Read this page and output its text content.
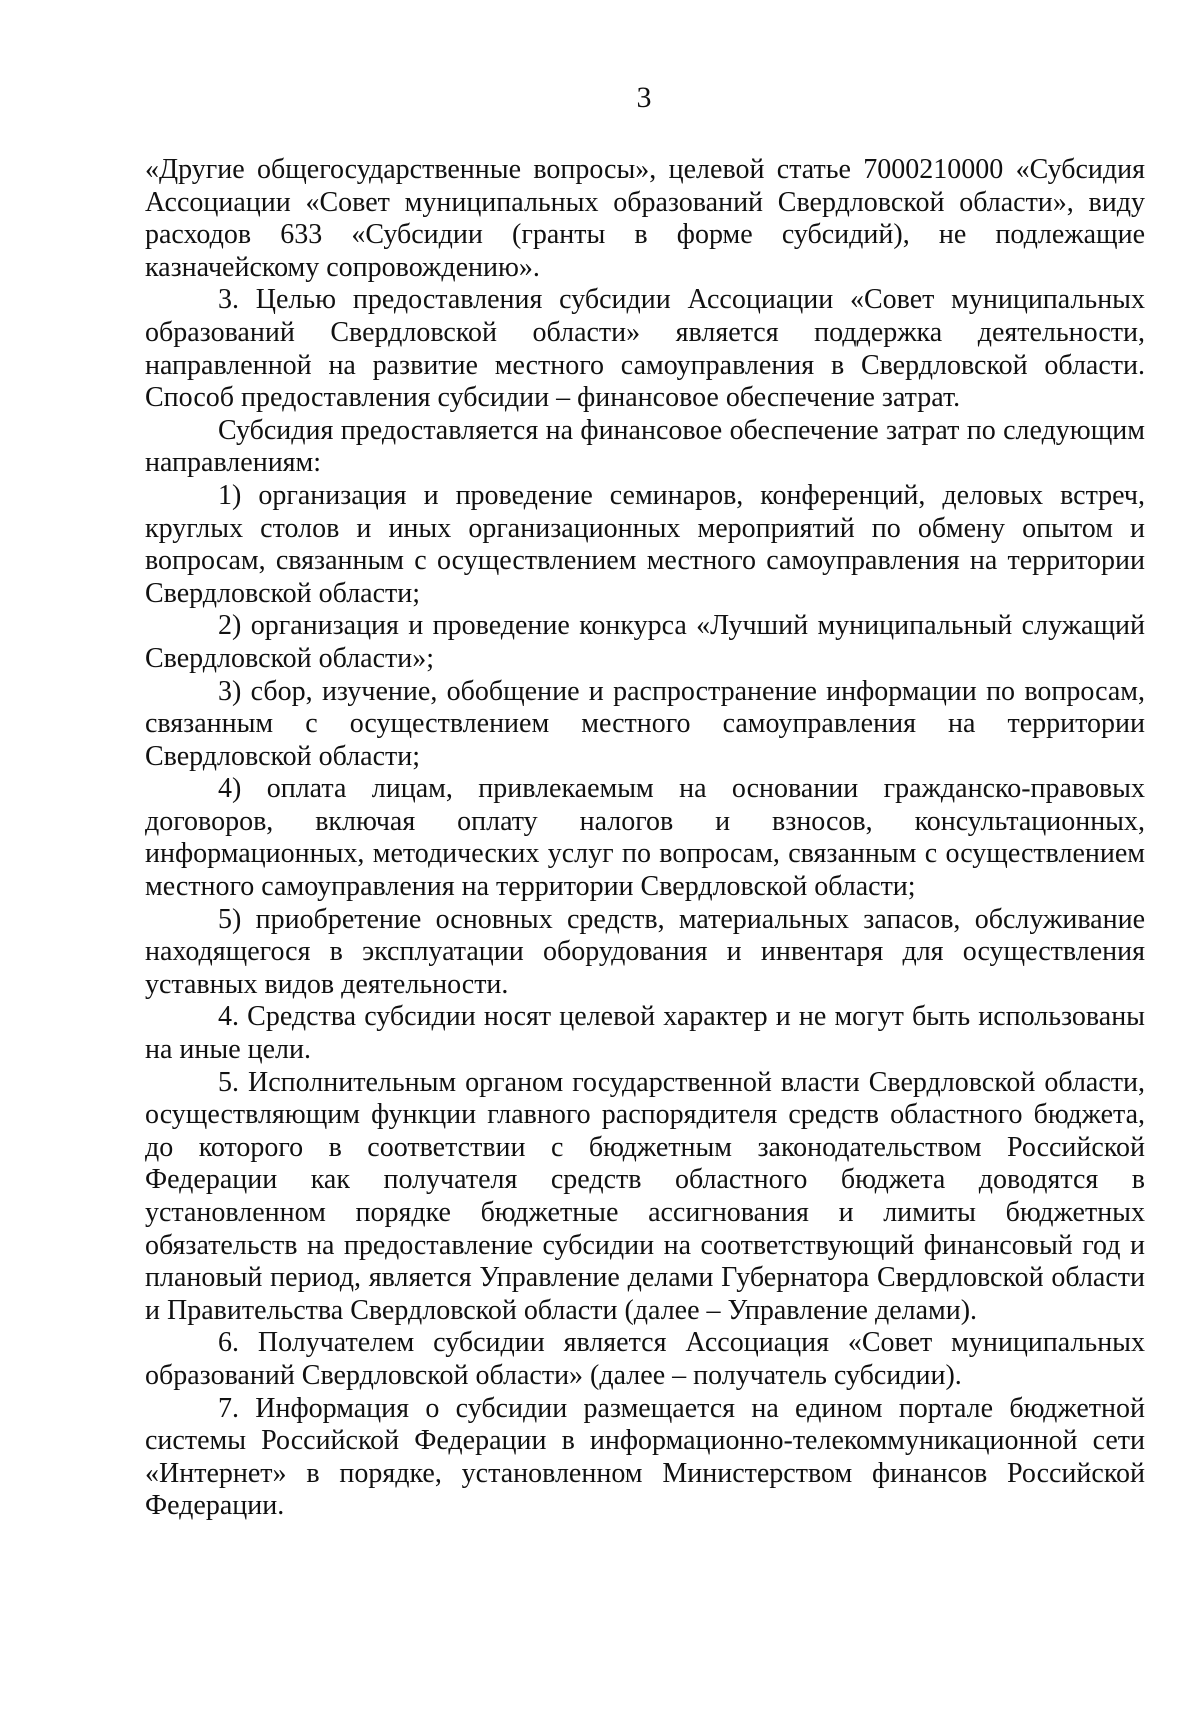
3

«Другие общегосударственные вопросы», целевой статье 7000210000 «Субсидия Ассоциации «Совет муниципальных образований Свердловской области», виду расходов 633 «Субсидии (гранты в форме субсидий), не подлежащие казначейскому сопровождению».

3. Целью предоставления субсидии Ассоциации «Совет муниципальных образований Свердловской области» является поддержка деятельности, направленной на развитие местного самоуправления в Свердловской области. Способ предоставления субсидии – финансовое обеспечение затрат.

Субсидия предоставляется на финансовое обеспечение затрат по следующим направлениям:

1) организация и проведение семинаров, конференций, деловых встреч, круглых столов и иных организационных мероприятий по обмену опытом и вопросам, связанным с осуществлением местного самоуправления на территории Свердловской области;

2) организация и проведение конкурса «Лучший муниципальный служащий Свердловской области»;

3) сбор, изучение, обобщение и распространение информации по вопросам, связанным с осуществлением местного самоуправления на территории Свердловской области;

4) оплата лицам, привлекаемым на основании гражданско-правовых договоров, включая оплату налогов и взносов, консультационных, информационных, методических услуг по вопросам, связанным с осуществлением местного самоуправления на территории Свердловской области;

5) приобретение основных средств, материальных запасов, обслуживание находящегося в эксплуатации оборудования и инвентаря для осуществления уставных видов деятельности.

4. Средства субсидии носят целевой характер и не могут быть использованы на иные цели.

5. Исполнительным органом государственной власти Свердловской области, осуществляющим функции главного распорядителя средств областного бюджета, до которого в соответствии с бюджетным законодательством Российской Федерации как получателя средств областного бюджета доводятся в установленном порядке бюджетные ассигнования и лимиты бюджетных обязательств на предоставление субсидии на соответствующий финансовый год и плановый период, является Управление делами Губернатора Свердловской области и Правительства Свердловской области (далее – Управление делами).

6. Получателем субсидии является Ассоциация «Совет муниципальных образований Свердловской области» (далее – получатель субсидии).

7. Информация о субсидии размещается на едином портале бюджетной системы Российской Федерации в информационно-телекоммуникационной сети «Интернет» в порядке, установленном Министерством финансов Российской Федерации.
